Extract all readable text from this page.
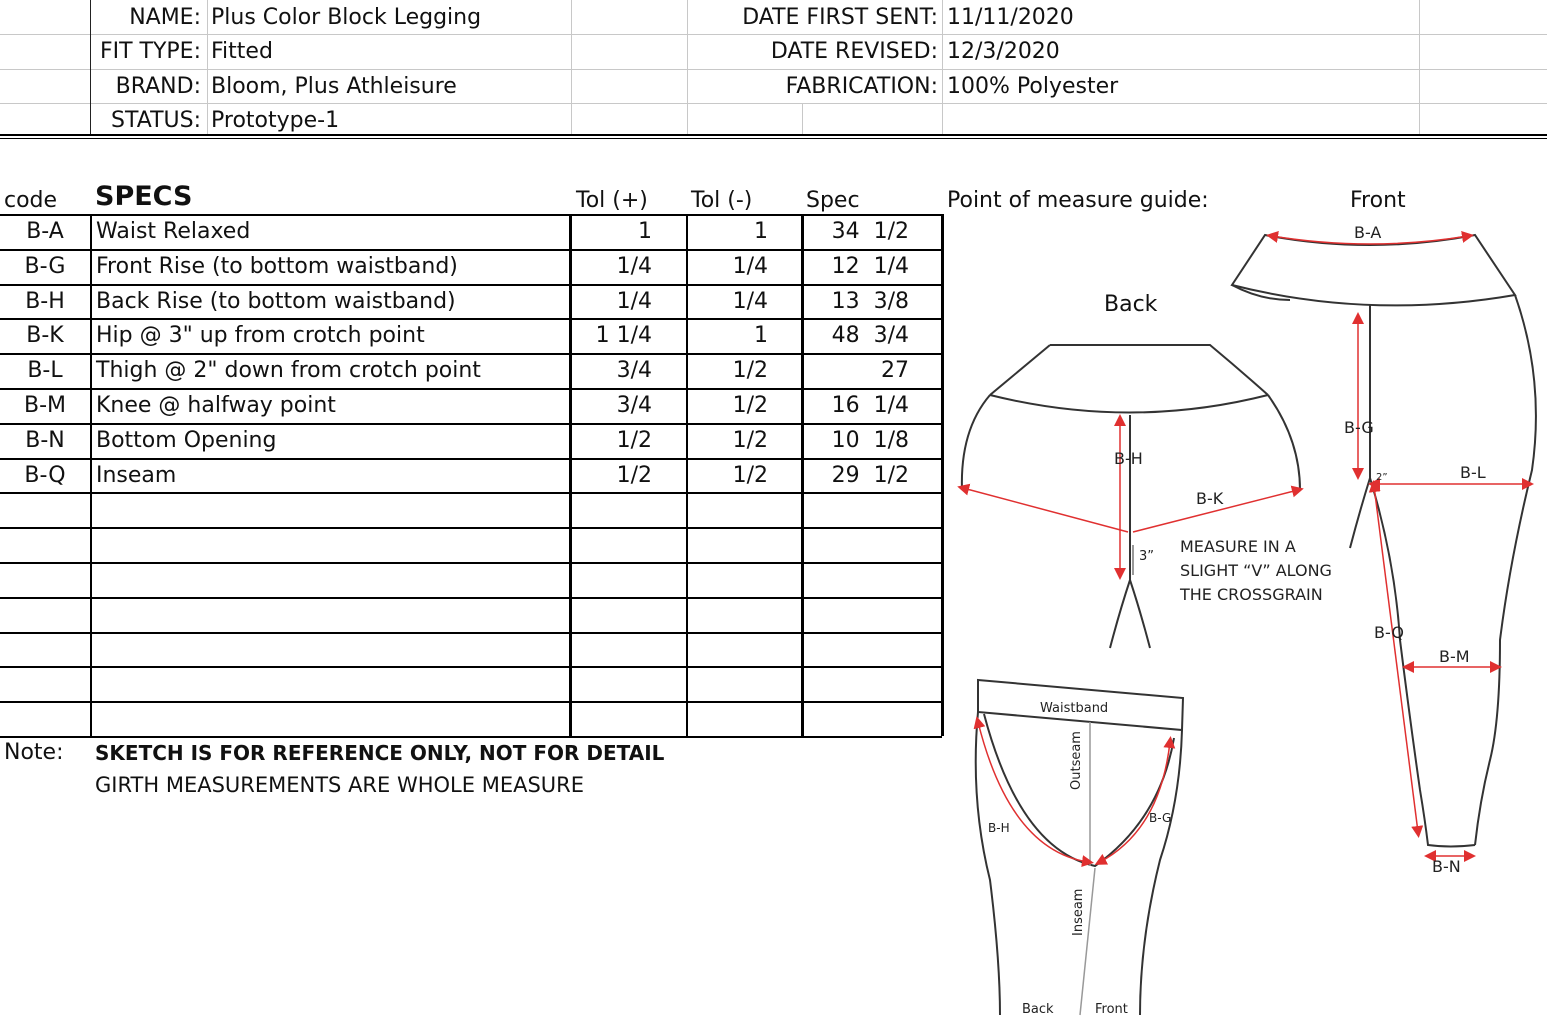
NAME: Plus Color Block Legging
FIT TYPE: Fitted
BRAND: Bloom, Plus Athleisure
STATUS: Prototype-1
DATE FIRST SENT: 11/11/2020
DATE REVISED: 12/3/2020
FABRICATION: 100% Polyester
code SPECS	Tol (+) Tol (-) Spec
B-A	Waist Relaxed	1	1	34  1/2
B-G	Front Rise (to bottom waistband)	1/4	1/4	12  1/4
B-H	Back Rise (to bottom waistband)	1/4	1/4	13  3/8
B-K	Hip @ 3" up from crotch point	1 1/4	1	48  3/4
B-L	Thigh @ 2" down from crotch point	3/4	1/2	27
B-M	Knee @ halfway point	3/4	1/2	16  1/4
B-N	Bottom Opening	1/2	1/2	10  1/8
B-Q	Inseam	1/2	1/2	29  1/2
Note: SKETCH IS FOR REFERENCE ONLY, NOT FOR DETAIL
GIRTH MEASUREMENTS ARE WHOLE MEASURE
Point of measure guide:	Front
Back
B-H
B-K
3”
MEASURE IN A
SLIGHT “V” ALONG
THE CROSSGRAIN
B-A
B-G
B-L
2”
B-Q
B-M
B-N
Waistband
Outseam
Inseam
B-H
B-G
Back	Front
